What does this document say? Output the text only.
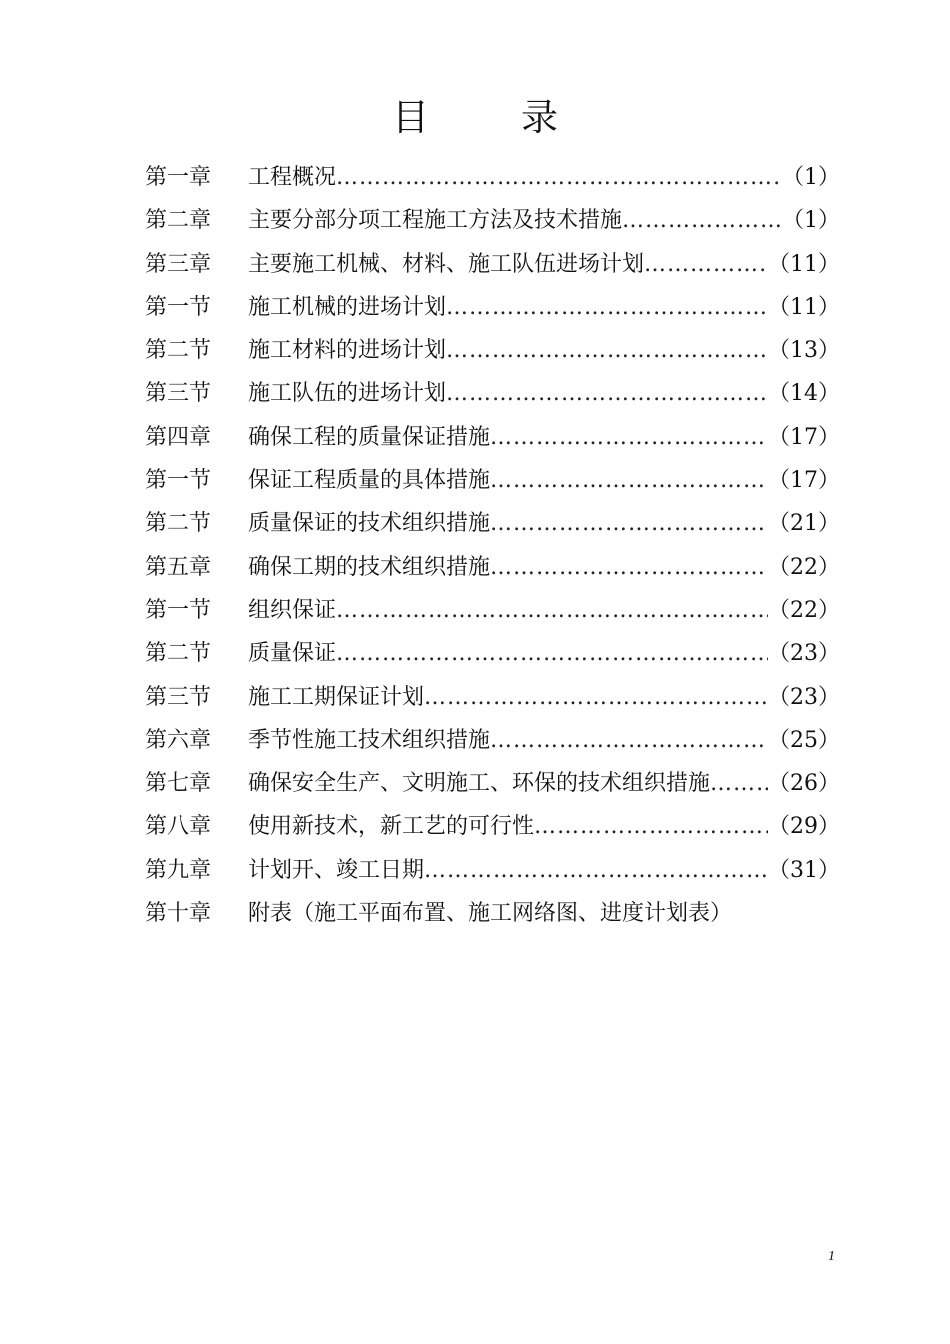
目 录
第一章	工程概况 …………………………………………………………………………………………………………………………	（1）
第二章	主要分部分项工程施工方法及技术措施 …………………………………………………………………………………………………………………………	（1）
第三章	主要施工机械、材料、施工队伍进场计划 …………………………………………………………………………………………………………………………	（11）
第一节	施工机械的进场计划 …………………………………………………………………………………………………………………………	（11）
第二节	施工材料的进场计划 …………………………………………………………………………………………………………………………	（13）
第三节	施工队伍的进场计划 …………………………………………………………………………………………………………………………	（14）
第四章	确保工程的质量保证措施 …………………………………………………………………………………………………………………………	（17）
第一节	保证工程质量的具体措施 …………………………………………………………………………………………………………………………	（17）
第二节	质量保证的技术组织措施 …………………………………………………………………………………………………………………………	（21）
第五章	确保工期的技术组织措施 …………………………………………………………………………………………………………………………	（22）
第一节	组织保证 …………………………………………………………………………………………………………………………	（22）
第二节	质量保证 …………………………………………………………………………………………………………………………	（23）
第三节	施工工期保证计划 …………………………………………………………………………………………………………………………	（23）
第六章	季节性施工技术组织措施 …………………………………………………………………………………………………………………………	（25）
第七章	确保安全生产、文明施工、环保的技术组织措施 …………………………………………………………………………………………………………………………	（26）
第八章	使用新技术，新工艺的可行性 …………………………………………………………………………………………………………………………	（29）
第九章	计划开、竣工日期 …………………………………………………………………………………………………………………………	（31）
第十章	附表（施工平面布置、施工网络图、进度计划表）
1
